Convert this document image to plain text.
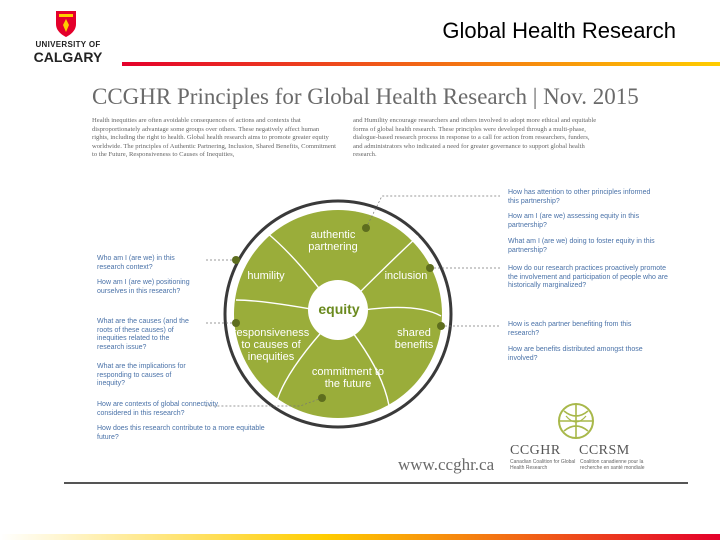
UNIVERSITY OF
CALGARY
Global Health Research
CCGHR Principles for Global Health Research | Nov. 2015
Health inequities are often avoidable consequences of actions and contexts that disproportionately advantage some groups over others. These negatively affect human rights, including the right to health. Global health research aims to promote greater equity worldwide. The principles of Authentic Partnering, Inclusion, Shared Benefits, Commitment to the Future, Responsiveness to Causes of Inequities,
and Humility encourage researchers and others involved to adopt more ethical and equitable forms of global health research. These principles were developed through a multi-phase, dialogue-based research process in response to a call for action from researchers, funders, and administrators who indicated a need for greater governance to support global health research.
authentic partnering
inclusion
shared benefits
commitment to the future
responsiveness to causes of inequities
humility
equity
How has attention to other principles informed this partnership?
How am I (are we) assessing equity in this partnership?
What am I (are we) doing to foster equity in this partnership?
How do our research practices proactively promote the involvement and participation of people who are historically marginalized?
How is each partner benefiting from this research?
How are benefits distributed amongst those involved?
Who am I (are we) in this research context?
How am I (are we) positioning ourselves in this research?
What are the causes (and the roots of these causes) of inequities related to the research issue?
What are the implications for responding to causes of inequity?
How are contexts of global connectivity considered in this research?
How does this research contribute to a more equitable future?
www.ccghr.ca
CCGHR CCRSM
Canadian Coalition for Global Health Research
Coalition canadienne pour la recherche en santé mondiale
